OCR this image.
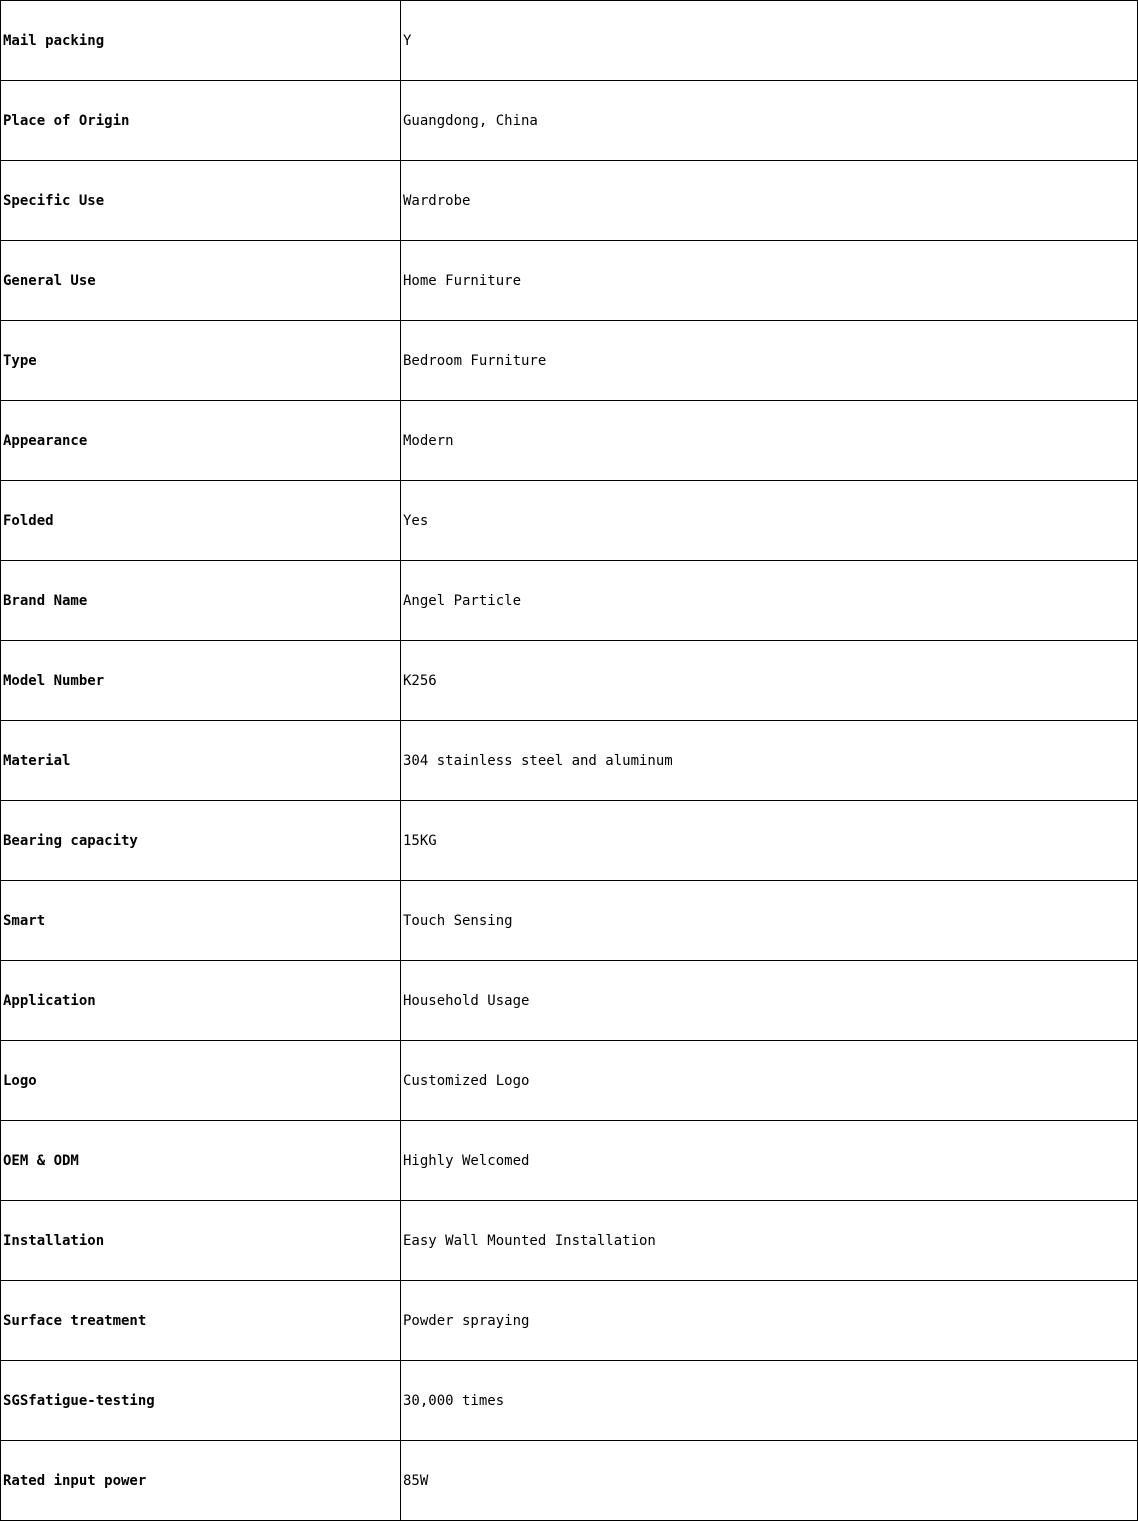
Mail packing	Y
Place of Origin	Guangdong, China
Specific Use	Wardrobe
General Use	Home Furniture
Type	Bedroom Furniture
Appearance	Modern
Folded	Yes
Brand Name	Angel Particle
Model Number	K256
Material	304 stainless steel and aluminum
Bearing capacity	15KG
Smart	Touch Sensing
Application	Household Usage
Logo	Customized Logo
OEM & ODM	Highly Welcomed
Installation	Easy Wall Mounted Installation
Surface treatment	Powder spraying
SGSfatigue-testing	30,000 times
Rated input power	85W
